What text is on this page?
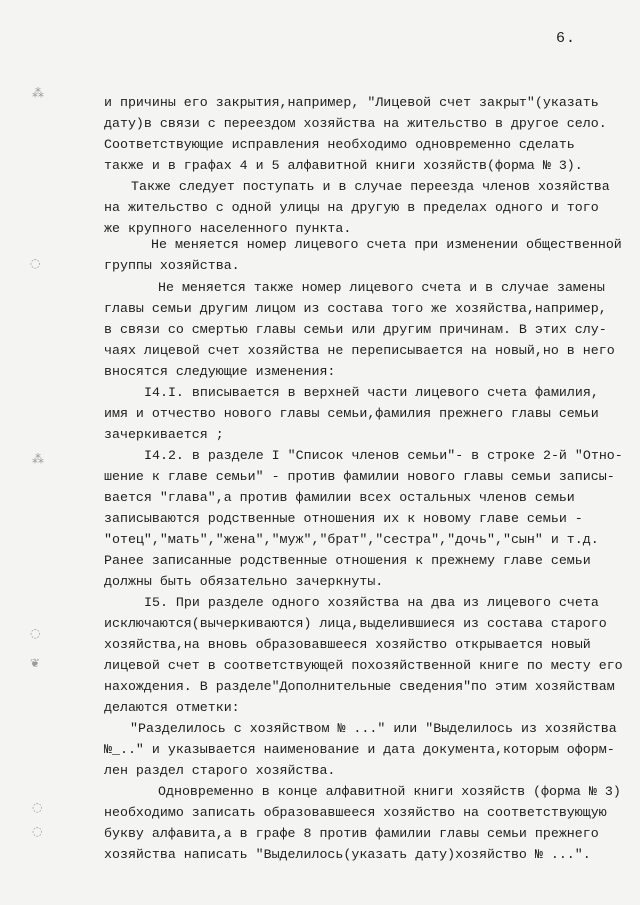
6.
⁂
◌
⁂
◌
❦
◌
◌
и причины его закрытия,например, "Лицевой счет закрыт"(указать
дату)в связи с переездом хозяйства на жительство в другое село.
Соответствующие исправления необходимо одновременно сделать
также и в графах 4 и 5 алфавитной книги хозяйств(форма № 3).
Также следует поступать и в случае переезда членов хозяйства
на жительство с одной улицы на другую в пределах одного и того
же крупного населенного пункта.
Не меняется номер лицевого счета при изменении общественной
группы хозяйства.
Не меняется также номер лицевого счета и в случае замены
главы семьи другим лицом из состава того же хозяйства,например,
в связи со смертью главы семьи или другим причинам. В этих слу-
чаях лицевой счет хозяйства не переписывается на новый,но в него
вносятся следующие изменения:
I4.I. вписывается в верхней части лицевого счета фамилия,
имя и отчество нового главы семьи,фамилия прежнего главы семьи
зачеркивается ;
I4.2. в разделе I "Список членов семьи"- в строке 2-й "Отно-
шение к главе семьи" - против фамилии нового главы семьи записы-
вается "глава",а против фамилии всех остальных членов семьи
записываются родственные отношения их к новому главе семьи -
"отец","мать","жена","муж","брат","сестра","дочь","сын" и т.д.
Ранее записанные родственные отношения к прежнему главе семьи
должны быть обязательно зачеркнуты.
I5. При разделе одного хозяйства на два из лицевого счета
исключаются(вычеркиваются) лица,выделившиеся из состава старого
хозяйства,на вновь образовавшееся хозяйство открывается новый
лицевой счет в соответствующей похозяйственной книге по месту его
нахождения. В разделе"Дополнительные сведения"по этим хозяйствам
делаются отметки:
"Разделилось с хозяйством № ..." или "Выделилось из хозяйства
№_.." и указывается наименование и дата документа,которым оформ-
лен раздел старого хозяйства.
Одновременно в конце алфавитной книги хозяйств (форма № 3)
необходимо записать образовавшееся хозяйство на соответствующую
букву алфавита,а в графе 8 против фамилии главы семьи прежнего
хозяйства написать "Выделилось(указать дату)хозяйство № ...".
